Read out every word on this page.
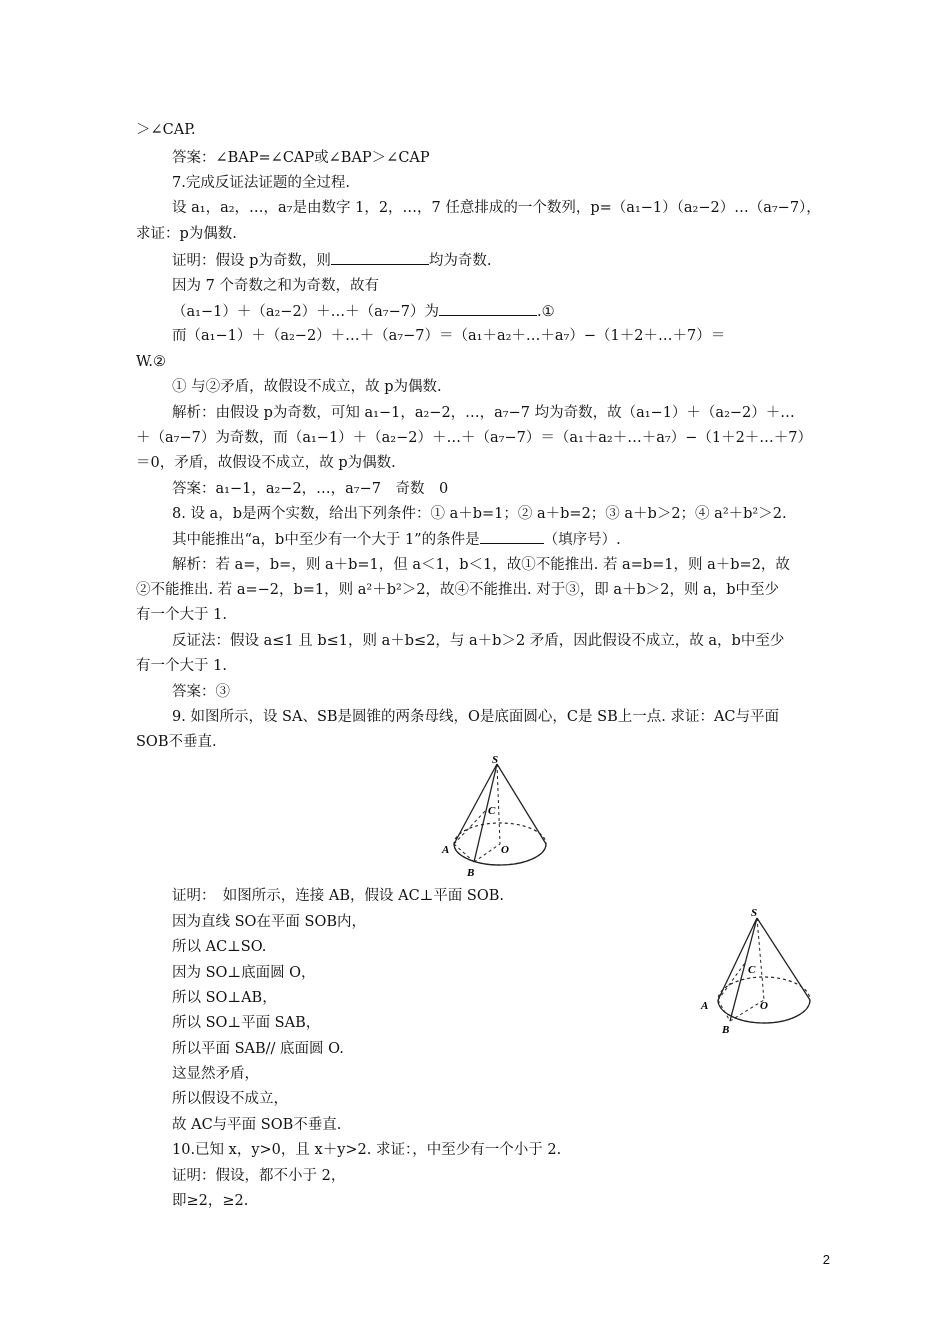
＞∠CAP.
答案：∠BAP=∠CAP或∠BAP＞∠CAP
7.完成反证法证题的全过程.
设 a₁，a₂，…，a₇是由数字 1，2，…，7 任意排成的一个数列，p=（a₁−1）（a₂−2）…（a₇−7），
求证：p为偶数.
证明：假设 p为奇数，则	均为奇数.
因为 7 个奇数之和为奇数，故有
（a₁−1）＋（a₂−2）＋…＋（a₇−7）为	.①
而（a₁−1）＋（a₂−2）＋…＋（a₇−7）＝（a₁＋a₂＋…＋a₇）−（1＋2＋…＋7）＝
W.②
① 与②矛盾，故假设不成立，故 p为偶数.
解析：由假设 p为奇数，可知 a₁−1，a₂−2，…，a₇−7 均为奇数，故（a₁−1）＋（a₂−2）＋…
＋（a₇−7）为奇数，而（a₁−1）＋（a₂−2）＋…＋（a₇−7）＝（a₁＋a₂＋…＋a₇）−（1＋2＋…＋7）
＝0，矛盾，故假设不成立，故 p为偶数.
答案：a₁−1，a₂−2，…，a₇−7　奇数　0
8. 设 a，b是两个实数，给出下列条件：① a＋b=1；② a＋b=2；③ a＋b＞2；④ a²＋b²＞2.
其中能推出“a，b中至少有一个大于 1”的条件是	（填序号）.
解析：若 a=，b=，则 a＋b=1，但 a＜1，b＜1，故①不能推出. 若 a=b=1，则 a＋b=2，故
②不能推出. 若 a=−2，b=1，则 a²＋b²＞2，故④不能推出. 对于③，即 a＋b＞2，则 a，b中至少
有一个大于 1.
反证法：假设 a≤1 且 b≤1，则 a＋b≤2，与 a＋b＞2 矛盾，因此假设不成立，故 a，b中至少
有一个大于 1.
答案：③
9. 如图所示，设 SA、SB是圆锥的两条母线，O是底面圆心，C是 SB上一点. 求证：AC与平面
SOB不垂直.
S
C
A	O
B
证明：　如图所示，连接 AB，假设 AC⊥平面 SOB.
因为直线 SO在平面 SOB内，
所以 AC⊥SO.
因为 SO⊥底面圆 O，
所以 SO⊥AB，
所以 SO⊥平面 SAB，
所以平面 SAB// 底面圆 O.
这显然矛盾，
所以假设不成立，
故 AC与平面 SOB不垂直.
S
C
A	O
B
10.已知 x，y>0，且 x＋y>2. 求证：，中至少有一个小于 2.
证明：假设，都不小于 2，
即≥2，≥2.
2
